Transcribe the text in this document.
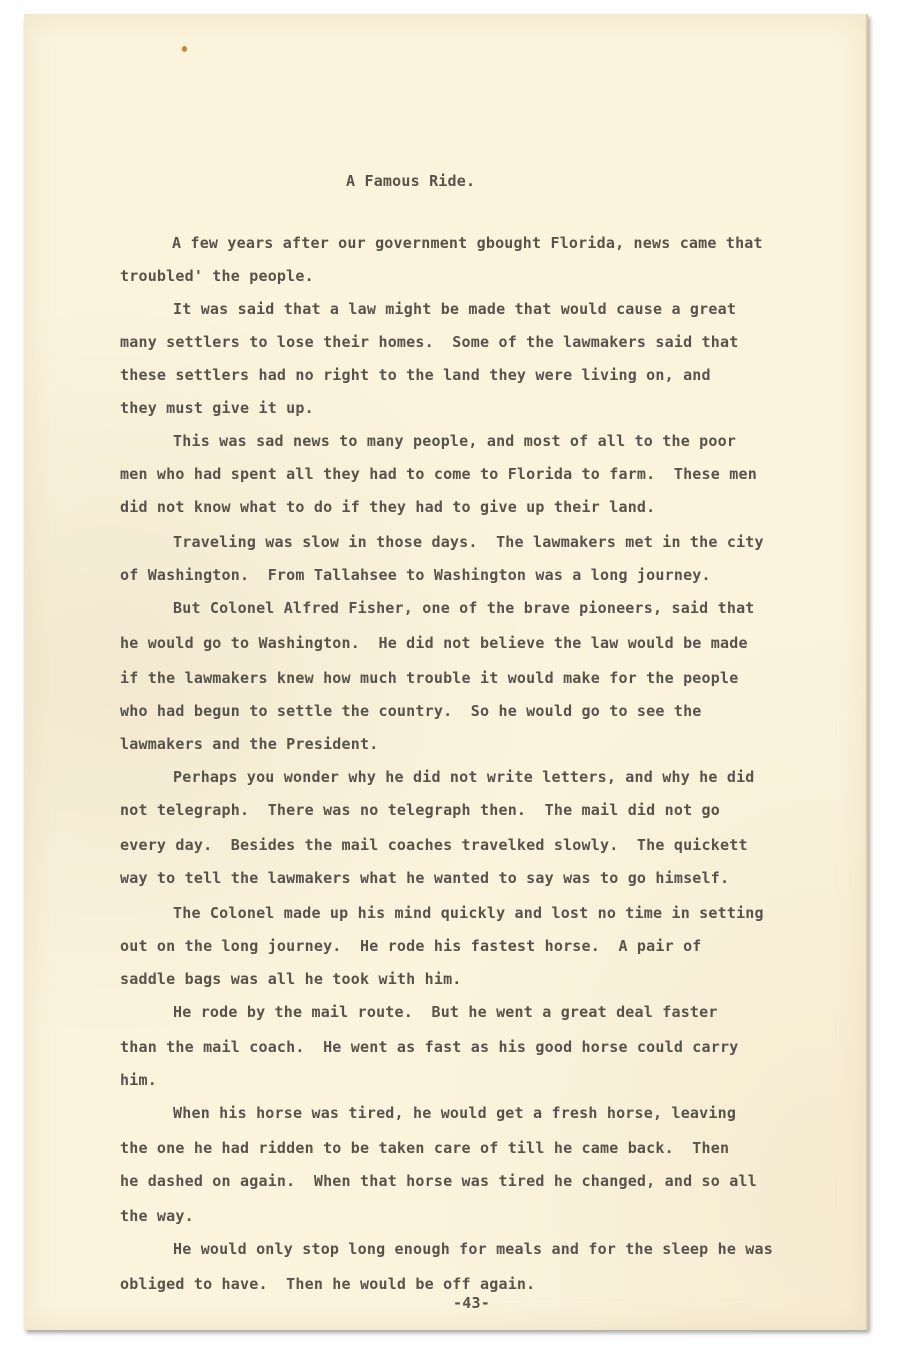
A Famous Ride.
A few years after our government gbought Florida, news came that
troubled' the people.
It was said that a law might be made that would cause a great
many settlers to lose their homes.  Some of the lawmakers said that
these settlers had no right to the land they were living on, and
they must give it up.
This was sad news to many people, and most of all to the poor
men who had spent all they had to come to Florida to farm.  These men
did not know what to do if they had to give up their land.
Traveling was slow in those days.  The lawmakers met in the city
of Washington.  From Tallahsee to Washington was a long journey.
But Colonel Alfred Fisher, one of the brave pioneers, said that
he would go to Washington.  He did not believe the law would be made
if the lawmakers knew how much trouble it would make for the people
who had begun to settle the country.  So he would go to see the
lawmakers and the President.
Perhaps you wonder why he did not write letters, and why he did
not telegraph.  There was no telegraph then.  The mail did not go
every day.  Besides the mail coaches travelked slowly.  The quickett
way to tell the lawmakers what he wanted to say was to go himself.
The Colonel made up his mind quickly and lost no time in setting
out on the long journey.  He rode his fastest horse.  A pair of
saddle bags was all he took with him.
He rode by the mail route.  But he went a great deal faster
than the mail coach.  He went as fast as his good horse could carry
him.
When his horse was tired, he would get a fresh horse, leaving
the one he had ridden to be taken care of till he came back.  Then
he dashed on again.  When that horse was tired he changed, and so all
the way.
He would only stop long enough for meals and for the sleep he was
obliged to have.  Then he would be off again.
-43-
